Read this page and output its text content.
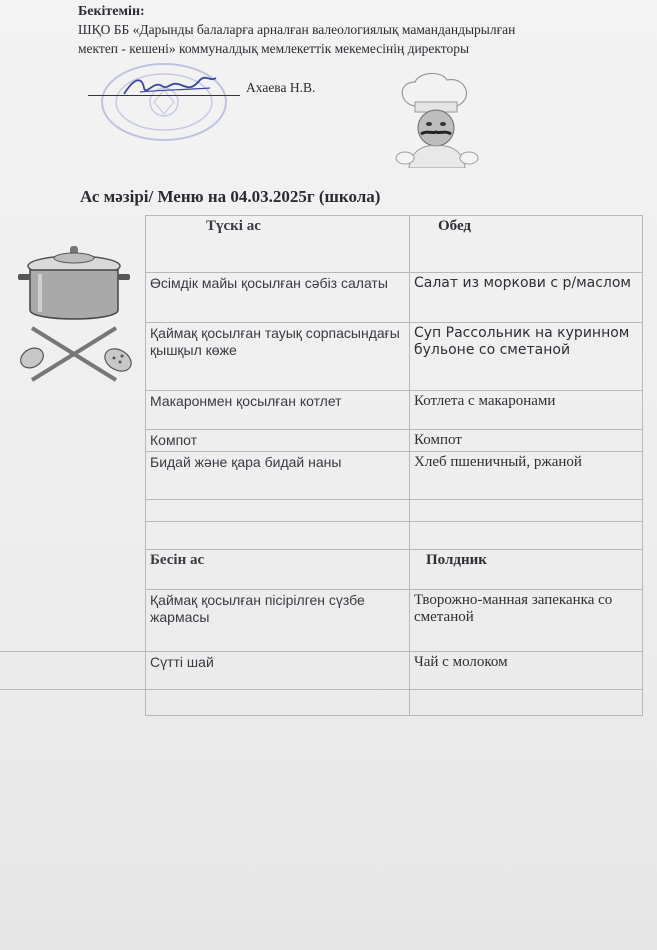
Бекітемін:
ШҚО ББ «Дарынды балаларға арналған валеологиялық мамандандырылған
мектеп - кешені» коммуналдық мемлекеттік мекемесінің директоры
Ахаева Н.В.
Ас мәзірі/ Меню на 04.03.2025г (школа)
	Түскі ас	Обед
	Өсімдік майы қосылған сәбіз салаты	Салат из моркови с р/маслом
	Қаймақ қосылған тауық сорпасындағы қышқыл көже	Суп Рассольник на куринном бульоне со сметаной
	Макаронмен қосылған котлет	Котлета с макаронами
	Компот	Компот
	Бидай және қара бидай наны	Хлеб пшеничный, ржаной

	Бесін ас	Полдник
	Қаймақ қосылған пісірілген сүзбе жармасы	Творожно-манная запеканка со сметаной
	Сүтті шай	Чай с молоком
